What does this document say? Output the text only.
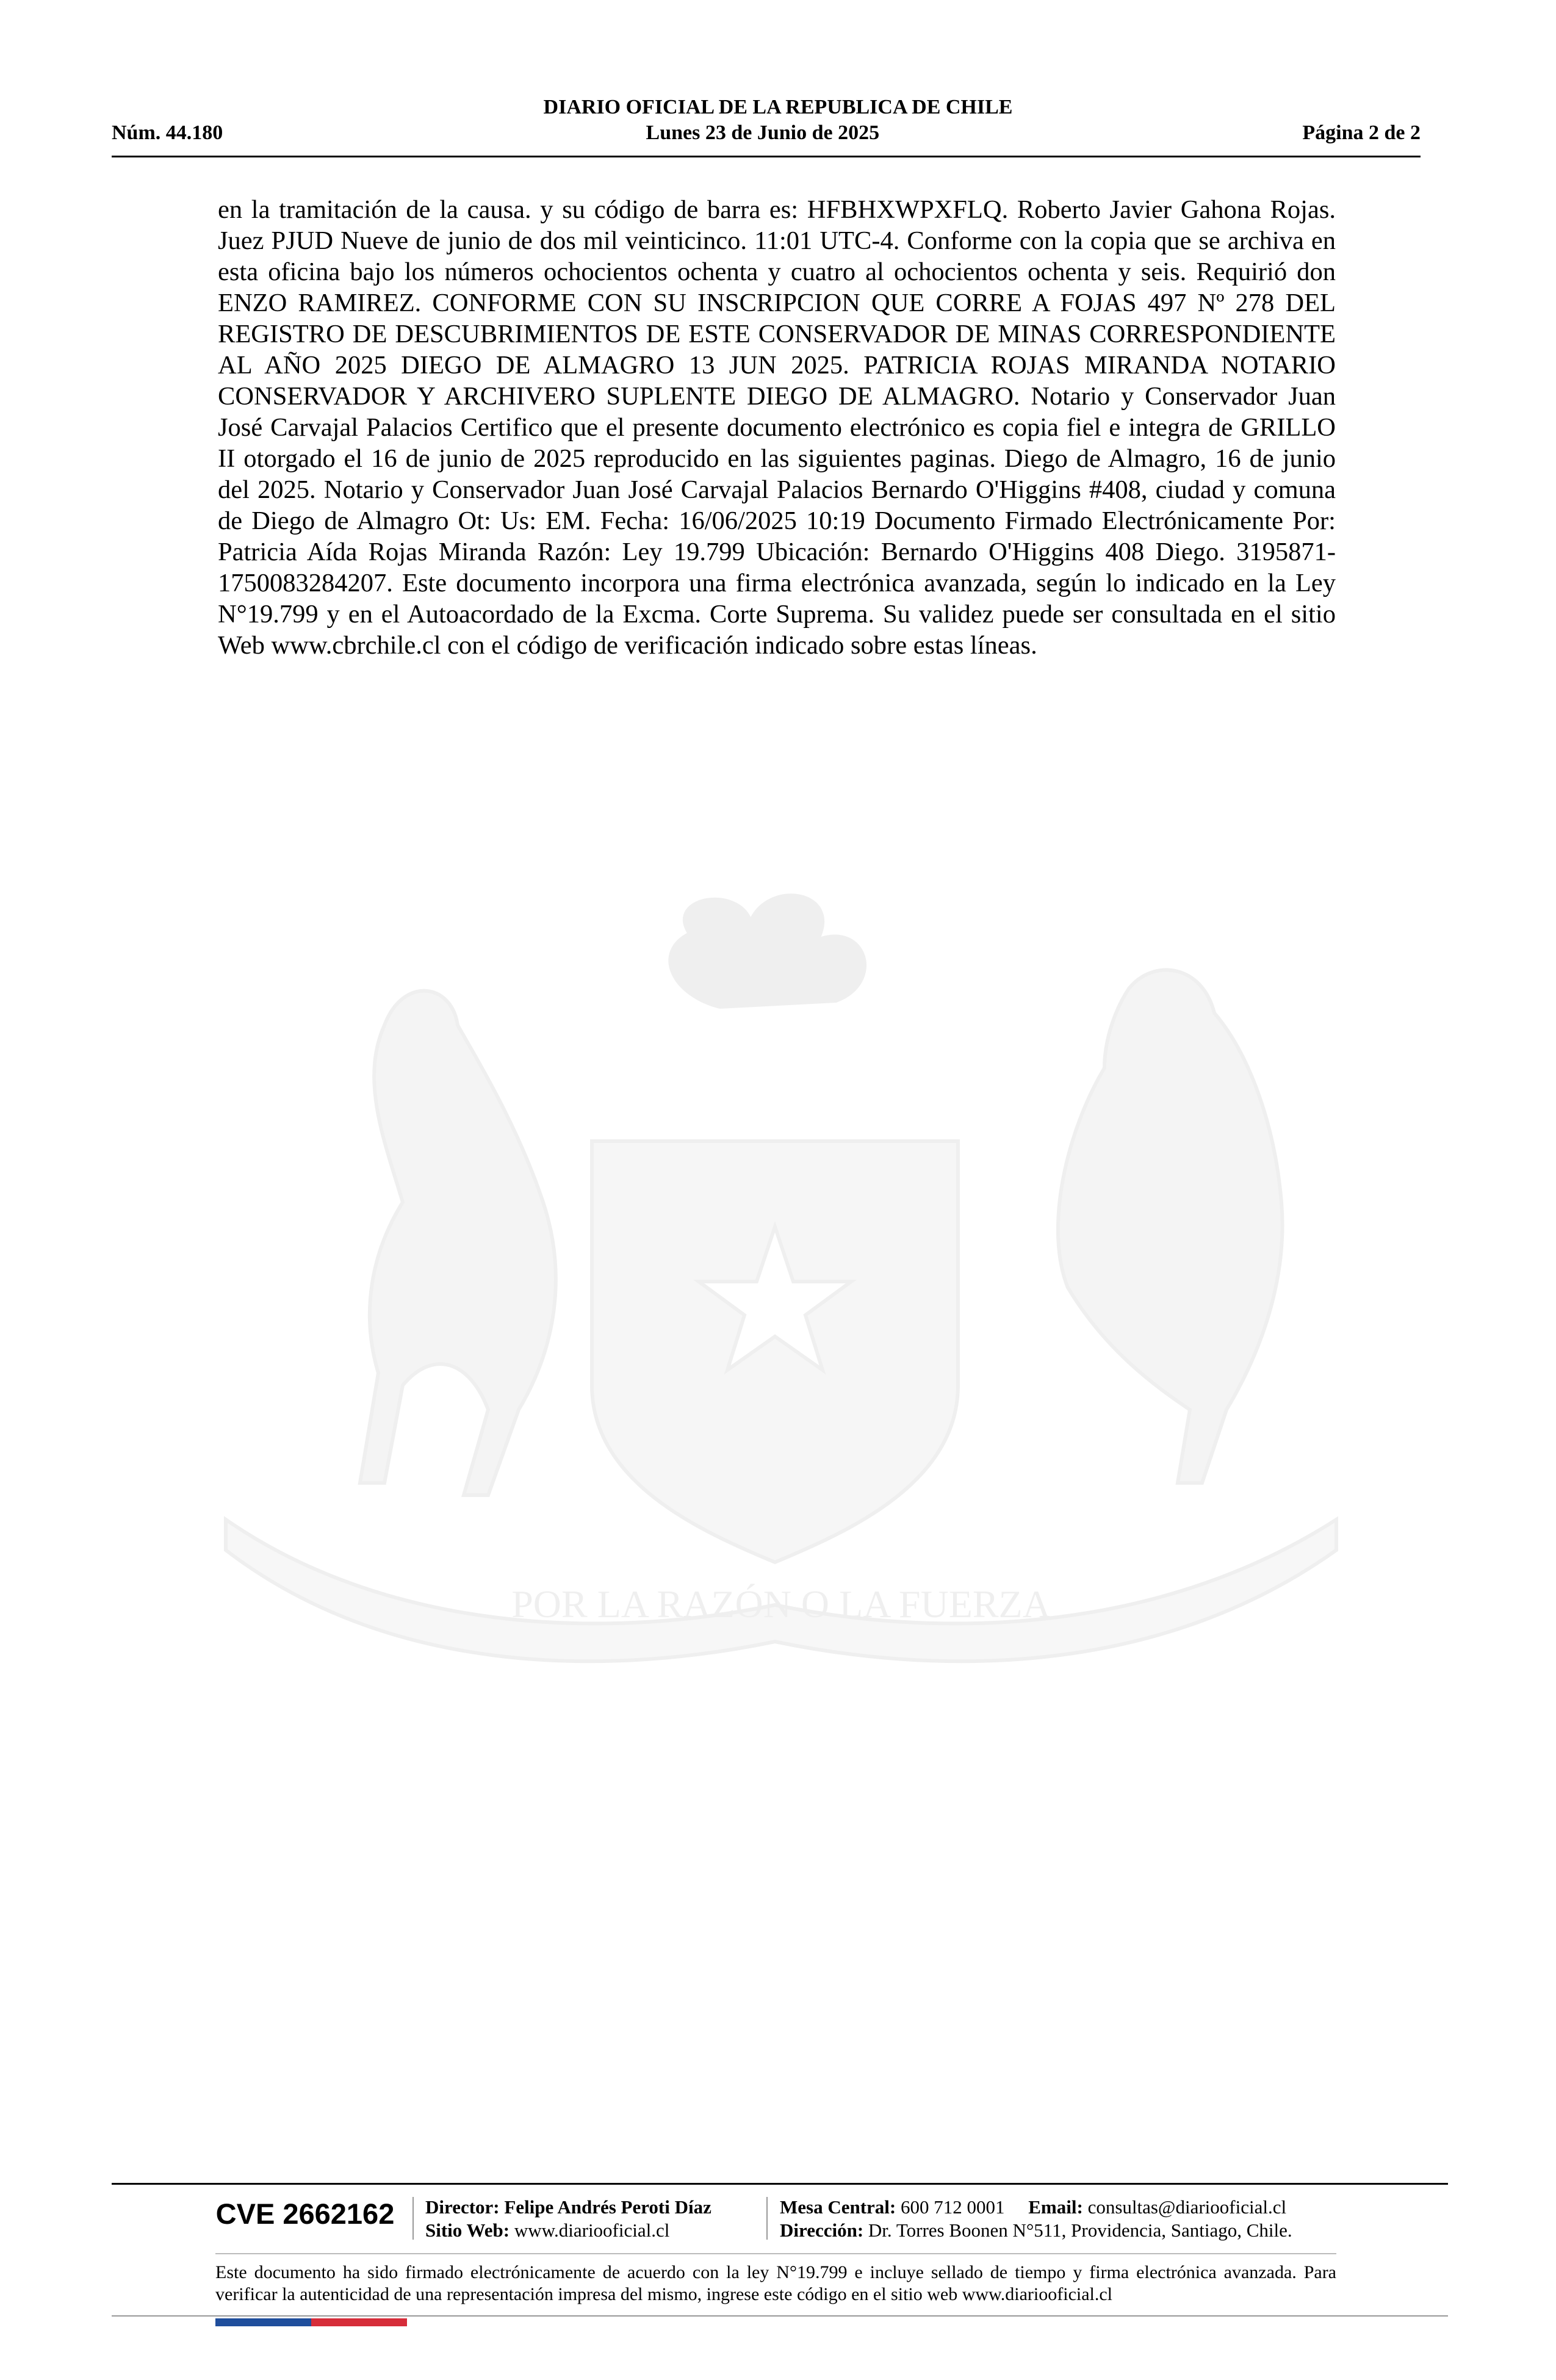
DIARIO OFICIAL DE LA REPUBLICA DE CHILE
Núm. 44.180	Lunes 23 de Junio de 2025	Página 2 de 2

en la tramitación de la causa. y su código de barra es: HFBHXWPXFLQ. Roberto Javier Gahona Rojas. Juez PJUD Nueve de junio de dos mil veinticinco. 11:01 UTC-4. Conforme con la copia que se archiva en esta oficina bajo los números ochocientos ochenta y cuatro al ochocientos ochenta y seis. Requirió don ENZO RAMIREZ. CONFORME CON SU INSCRIPCION QUE CORRE A FOJAS 497 Nº 278 DEL REGISTRO DE DESCUBRIMIENTOS DE ESTE CONSERVADOR DE MINAS CORRESPONDIENTE AL AÑO 2025 DIEGO DE ALMAGRO 13 JUN 2025. PATRICIA ROJAS MIRANDA NOTARIO CONSERVADOR Y ARCHIVERO SUPLENTE DIEGO DE ALMAGRO. Notario y Conservador Juan José Carvajal Palacios Certifico que el presente documento electrónico es copia fiel e integra de GRILLO II otorgado el 16 de junio de 2025 reproducido en las siguientes paginas. Diego de Almagro, 16 de junio del 2025. Notario y Conservador Juan José Carvajal Palacios Bernardo O'Higgins #408, ciudad y comuna de Diego de Almagro Ot: Us: EM. Fecha: 16/06/2025 10:19 Documento Firmado Electrónicamente Por: Patricia Aída Rojas Miranda Razón: Ley 19.799 Ubicación: Bernardo O'Higgins 408 Diego. 3195871-1750083284207. Este documento incorpora una firma electrónica avanzada, según lo indicado en la Ley N°19.799 y en el Autoacordado de la Excma. Corte Suprema. Su validez puede ser consultada en el sitio Web www.cbrchile.cl con el código de verificación indicado sobre estas líneas.

POR LA RAZÓN O LA FUERZA
CVE 2662162 Director: Felipe Andrés Peroti Díaz
Sitio Web: www.diariooficial.cl
Mesa Central: 600 712 0001 Email: consultas@diariooficial.cl
Dirección: Dr. Torres Boonen N°511, Providencia, Santiago, Chile.

Este documento ha sido firmado electrónicamente de acuerdo con la ley N°19.799 e incluye sellado de tiempo y firma electrónica avanzada. Para verificar la autenticidad de una representación impresa del mismo, ingrese este código en el sitio web www.diariooficial.cl
